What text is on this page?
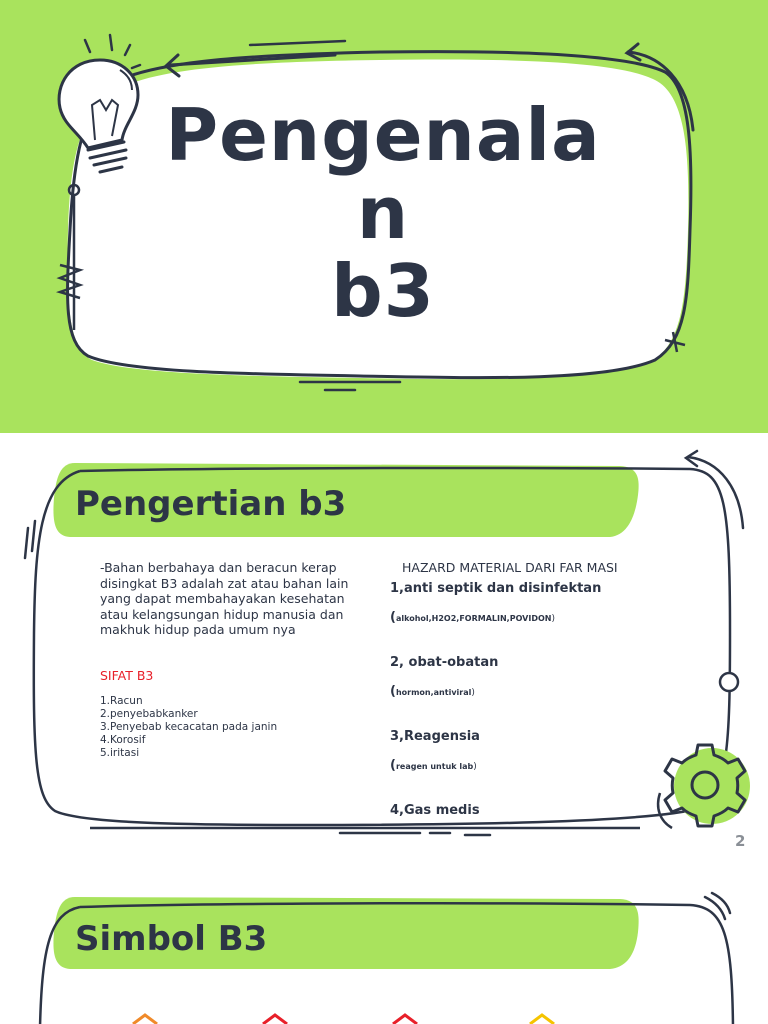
Pengenala
n
b3
Pengertian b3

-Bahan berbahaya dan beracun kerap disingkat B3 adalah zat atau bahan lain yang dapat membahayakan kesehatan atau kelangsungan hidup manusia dan makhuk hidup pada umum nya

SIFAT B3
1.Racun
2.penyebabkanker
3.Penyebab kecacatan pada janin
4.Korosif
5.iritasi
HAZARD MATERIAL DARI FAR MASI
1,anti septik dan disinfektan
(alkohol,H2O2,FORMALIN,POVIDON)
2, obat-obatan
(hormon,antiviral)
3,Reagensia
(reagen untuk lab)
4,Gas medis
2
Simbol B3
